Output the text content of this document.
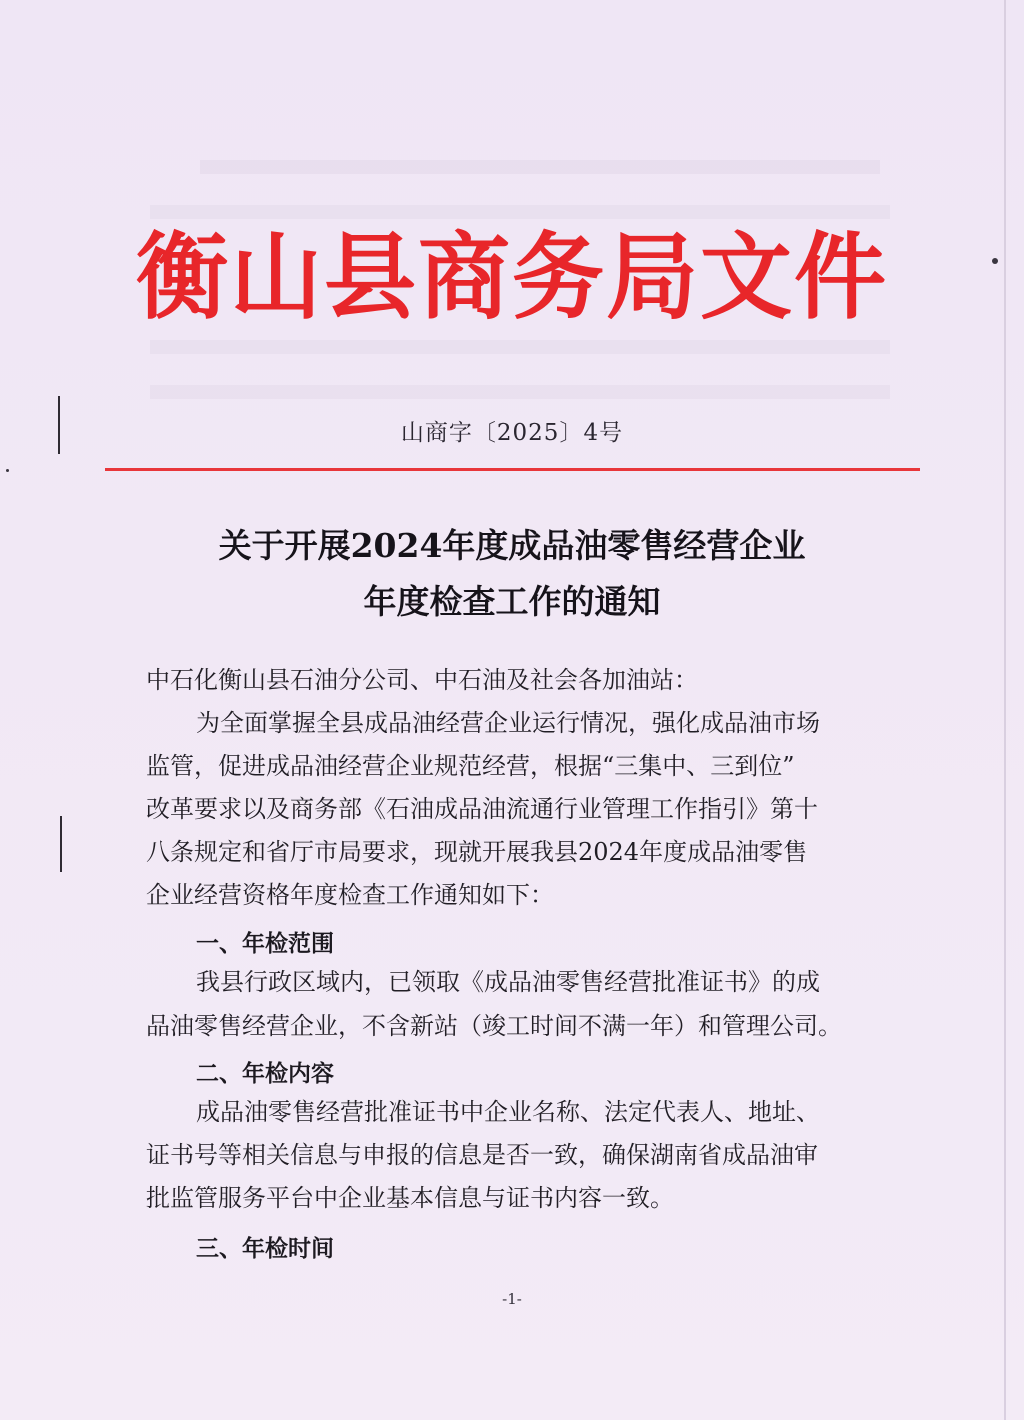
衡山县商务局文件
山商字〔2025〕4号
关于开展2024年度成品油零售经营企业
年度检查工作的通知
中石化衡山县石油分公司、中石油及社会各加油站：
为全面掌握全县成品油经营企业运行情况，强化成品油市场
监管，促进成品油经营企业规范经营，根据“三集中、三到位”
改革要求以及商务部《石油成品油流通行业管理工作指引》第十
八条规定和省厅市局要求，现就开展我县2024年度成品油零售
企业经营资格年度检查工作通知如下：
一、年检范围
我县行政区域内，已领取《成品油零售经营批准证书》的成
品油零售经营企业，不含新站（竣工时间不满一年）和管理公司。
二、年检内容
成品油零售经营批准证书中企业名称、法定代表人、地址、
证书号等相关信息与申报的信息是否一致，确保湖南省成品油审
批监管服务平台中企业基本信息与证书内容一致。
三、年检时间
-1-
